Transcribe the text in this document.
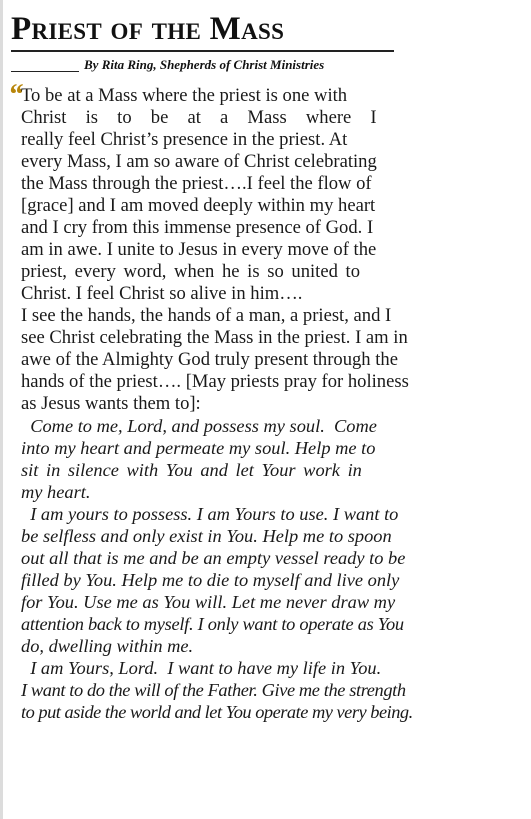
Priest of the Mass
By Rita Ring, Shepherds of Christ Ministries
“
To be at a Mass where the priest is one with
Christ is to be at a Mass where I
really feel Christ’s presence in the priest. At
every Mass, I am so aware of Christ celebrating
the Mass through the priest….I feel the flow of
[grace] and I am moved deeply within my heart
and I cry from this immense presence of God. I
am in awe. I unite to Jesus in every move of the
priest, every word, when he is so united to
Christ. I feel Christ so alive in him….
I see the hands, the hands of a man, a priest, and I
see Christ celebrating the Mass in the priest. I am in
awe of the Almighty God truly present through the
hands of the priest…. [May priests pray for holiness
as Jesus wants them to]:
Come to me, Lord, and possess my soul.  Come
into my heart and permeate my soul. Help me to
sit in silence with You and let Your work in
my heart.
I am yours to possess. I am Yours to use. I want to
be selfless and only exist in You. Help me to spoon
out all that is me and be an empty vessel ready to be
filled by You. Help me to die to myself and live only
for You. Use me as You will. Let me never draw my
attention back to myself. I only want to operate as You
do, dwelling within me.
I am Yours, Lord.  I want to have my life in You.
I want to do the will of the Father. Give me the strength
to put aside the world and let You operate my very being.
